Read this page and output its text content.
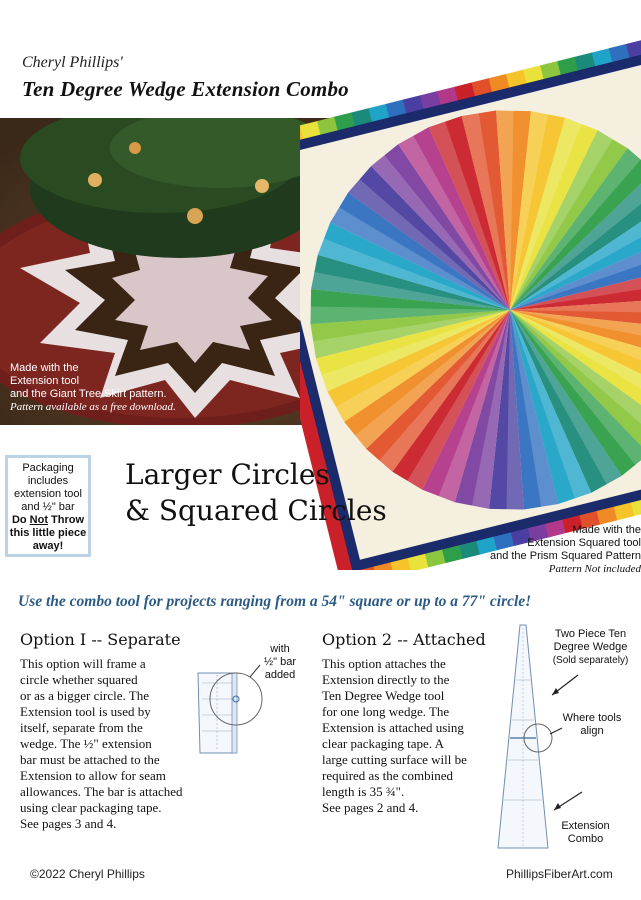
Cheryl Phillips'
Ten Degree Wedge Extension Combo
Made with the
Extension tool
and the Giant Tree Skirt pattern.
Pattern available as a free download.
Packaging
includes
extension tool
and ½" bar
Do Not Throw
this little piece
away!
Larger Circles
& Squared Circles
Made with the
Extension Squared tool
and the Prism Squared Pattern
Pattern Not included
Use the combo tool for projects ranging from a 54" square or up to a 77" circle!
Option I -- Separate
This option will frame a
circle whether squared
or as a bigger circle. The
Extension tool is used by
itself, separate from the
wedge. The ½" extension
bar must be attached to the
Extension to allow for seam
allowances. The bar is attached
using clear packaging tape.
See pages 3 and 4.
with
½" bar
added
Option 2 -- Attached
This option attaches the
Extension directly to the
Ten Degree Wedge tool
for one long wedge. The
Extension is attached using
clear packaging tape. A
large cutting surface will be
required as the combined
length is 35 ¾".
See pages 2 and 4.
Two Piece Ten
Degree Wedge
(Sold separately)
Where tools
align
Extension
Combo
©2022 Cheryl Phillips	PhillipsFiberArt.com
